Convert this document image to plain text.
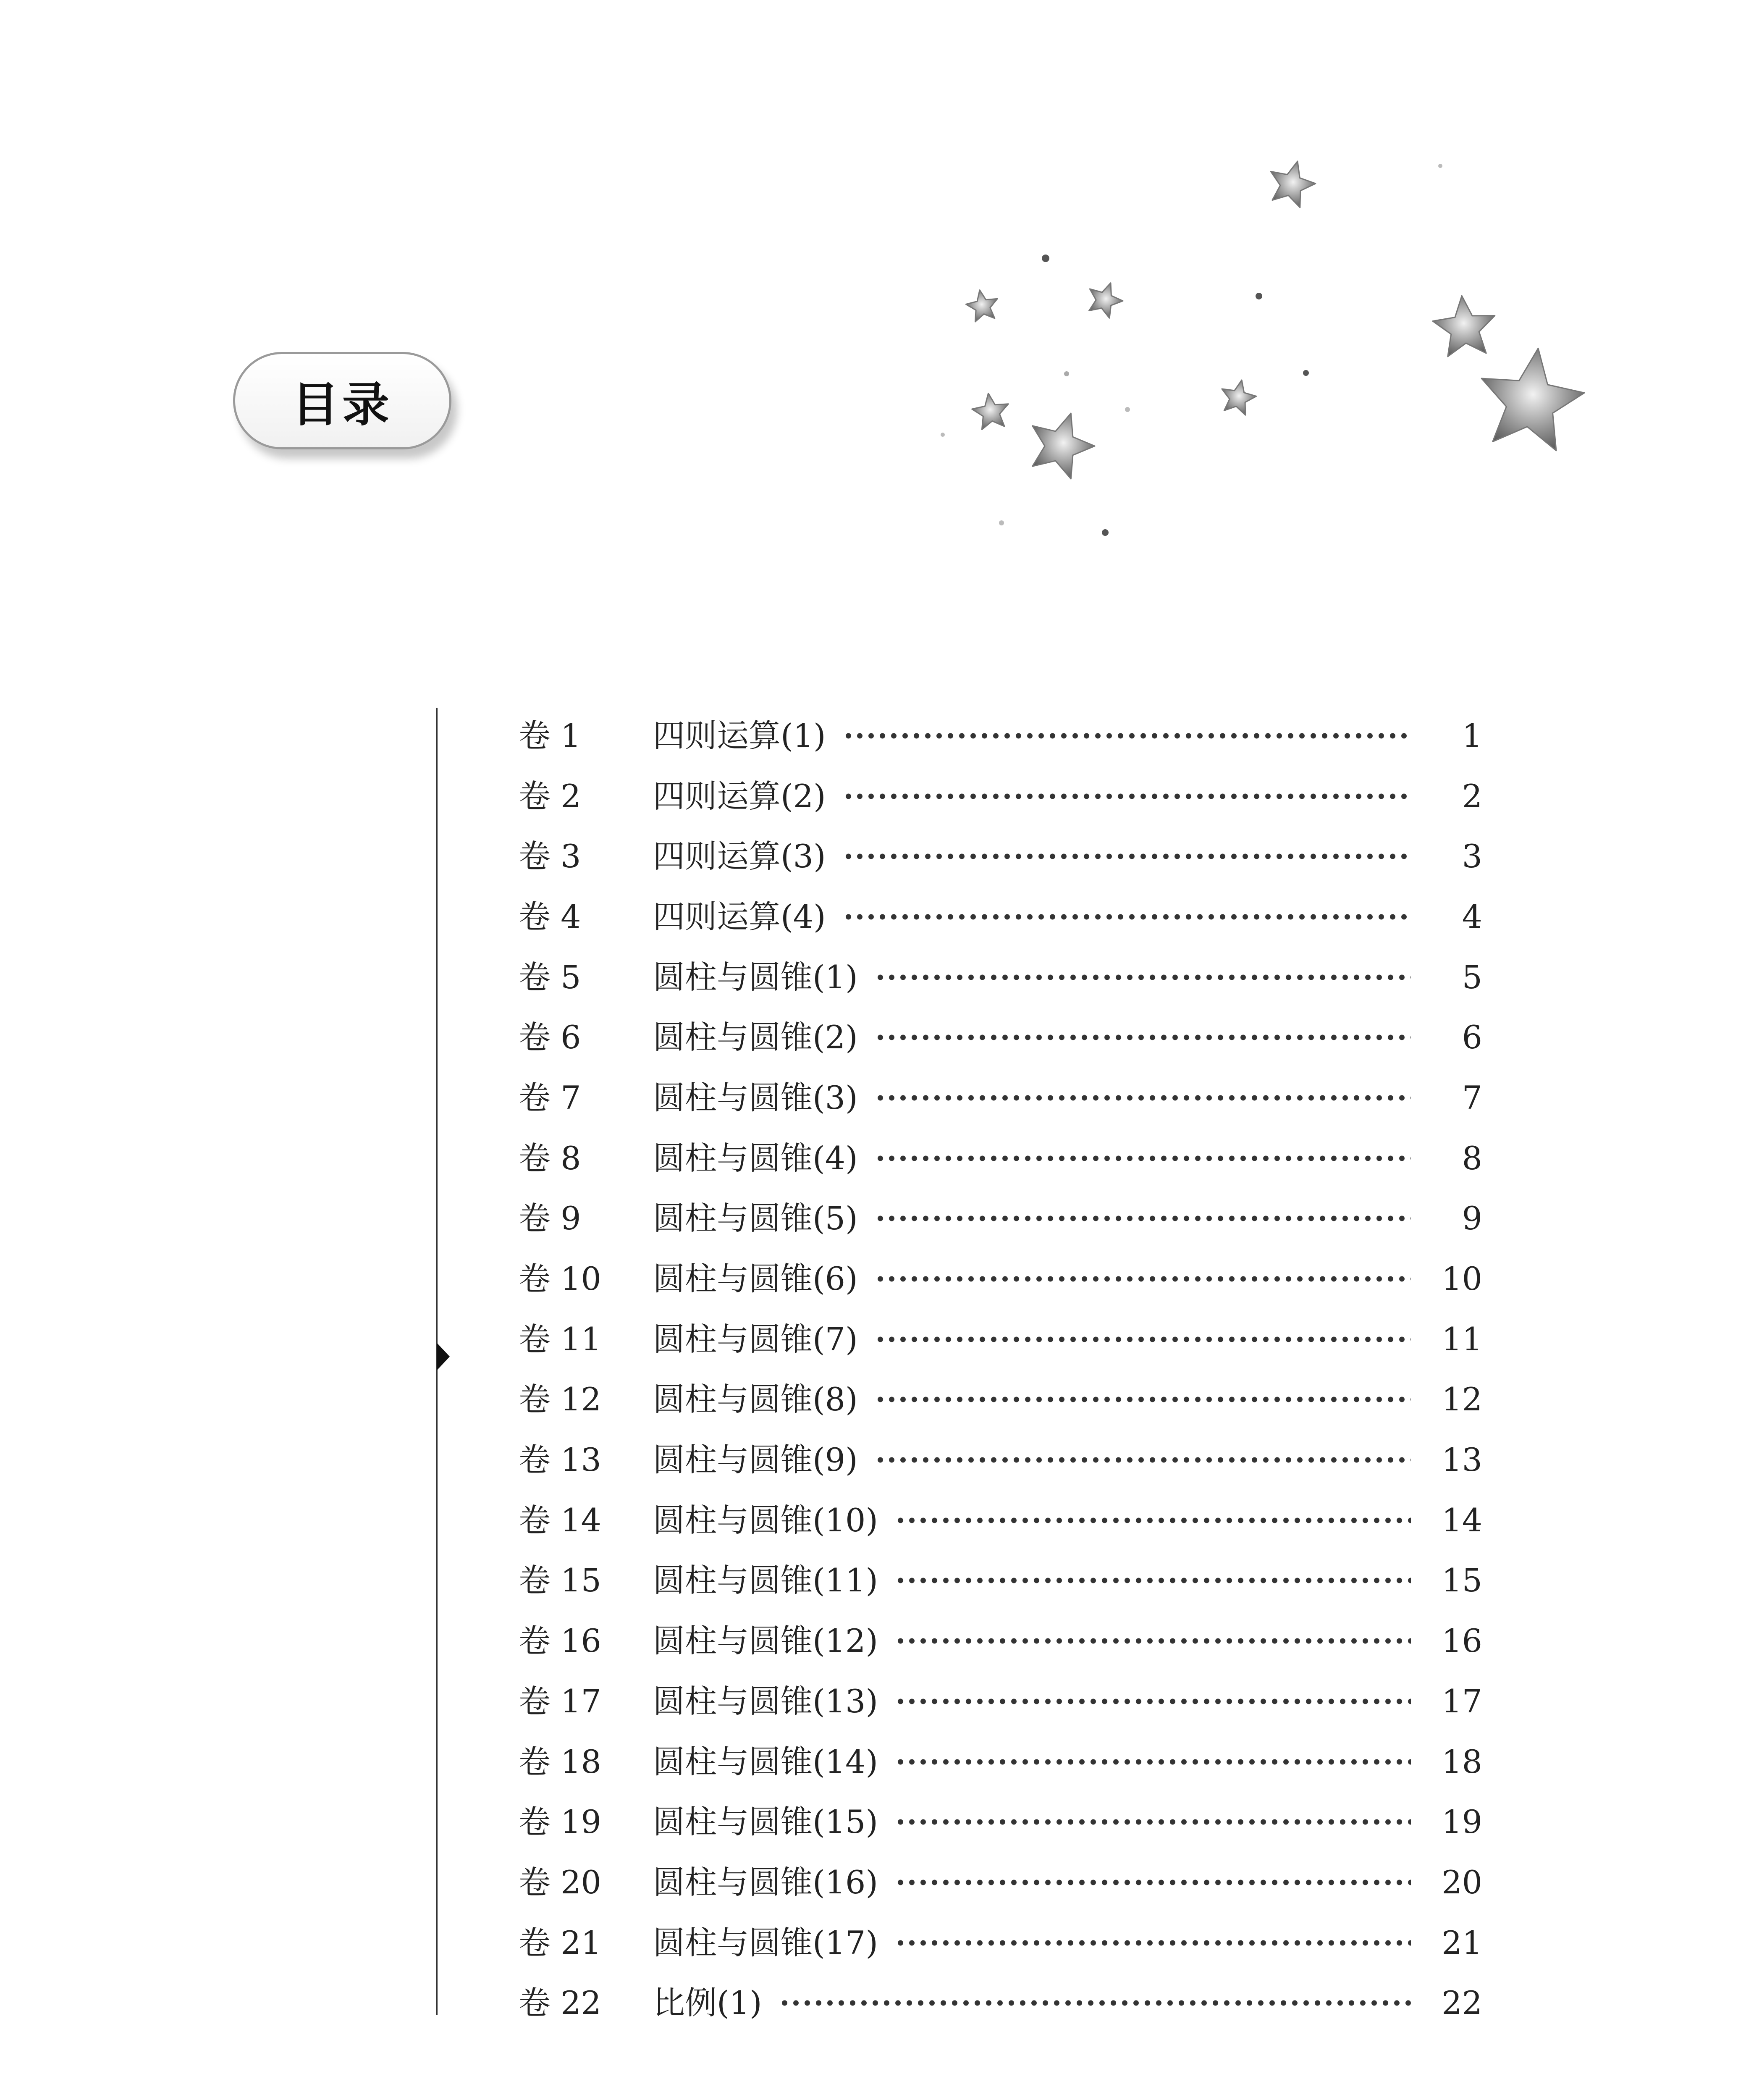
目录
卷 1	四则运算(1)	1
卷 2	四则运算(2)	2
卷 3	四则运算(3)	3
卷 4	四则运算(4)	4
卷 5	圆柱与圆锥(1)	5
卷 6	圆柱与圆锥(2)	6
卷 7	圆柱与圆锥(3)	7
卷 8	圆柱与圆锥(4)	8
卷 9	圆柱与圆锥(5)	9
卷 10	圆柱与圆锥(6)	10
卷 11	圆柱与圆锥(7)	11
卷 12	圆柱与圆锥(8)	12
卷 13	圆柱与圆锥(9)	13
卷 14	圆柱与圆锥(10)	14
卷 15	圆柱与圆锥(11)	15
卷 16	圆柱与圆锥(12)	16
卷 17	圆柱与圆锥(13)	17
卷 18	圆柱与圆锥(14)	18
卷 19	圆柱与圆锥(15)	19
卷 20	圆柱与圆锥(16)	20
卷 21	圆柱与圆锥(17)	21
卷 22	比例(1)	22
